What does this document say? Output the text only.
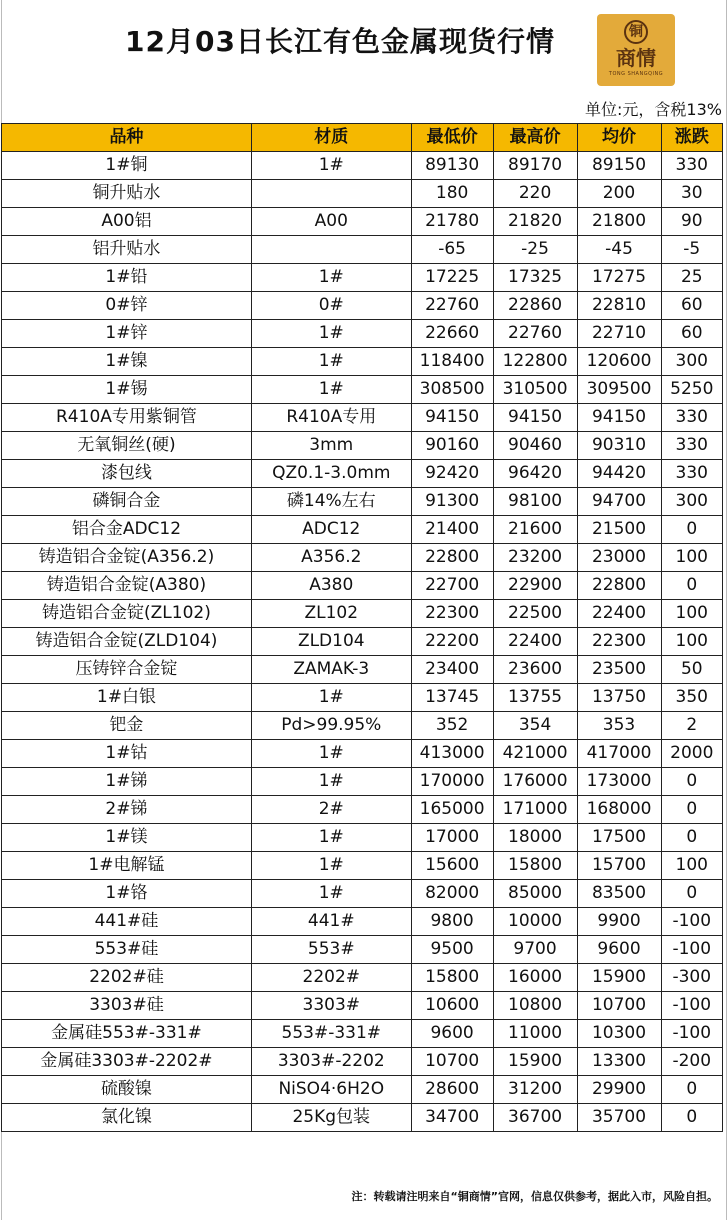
12月03日长江有色金属现货行情	铜
商情
TONG SHANGQING
单位:元，含税13%
品种	材质	最低价	最高价	均价	涨跌
1#铜	1#	89130	89170	89150	330
铜升贴水		180	220	200	30
A00铝	A00	21780	21820	21800	90
铝升贴水		-65	-25	-45	-5
1#铅	1#	17225	17325	17275	25
0#锌	0#	22760	22860	22810	60
1#锌	1#	22660	22760	22710	60
1#镍	1#	118400	122800	120600	300
1#锡	1#	308500	310500	309500	5250
R410A专用紫铜管	R410A专用	94150	94150	94150	330
无氧铜丝(硬)	3mm	90160	90460	90310	330
漆包线	QZ0.1-3.0mm	92420	96420	94420	330
磷铜合金	磷14%左右	91300	98100	94700	300
铝合金ADC12	ADC12	21400	21600	21500	0
铸造铝合金锭(A356.2)	A356.2	22800	23200	23000	100
铸造铝合金锭(A380)	A380	22700	22900	22800	0
铸造铝合金锭(ZL102)	ZL102	22300	22500	22400	100
铸造铝合金锭(ZLD104)	ZLD104	22200	22400	22300	100
压铸锌合金锭	ZAMAK-3	23400	23600	23500	50
1#白银	1#	13745	13755	13750	350
钯金	Pd>99.95%	352	354	353	2
1#钴	1#	413000	421000	417000	2000
1#锑	1#	170000	176000	173000	0
2#锑	2#	165000	171000	168000	0
1#镁	1#	17000	18000	17500	0
1#电解锰	1#	15600	15800	15700	100
1#铬	1#	82000	85000	83500	0
441#硅	441#	9800	10000	9900	-100
553#硅	553#	9500	9700	9600	-100
2202#硅	2202#	15800	16000	15900	-300
3303#硅	3303#	10600	10800	10700	-100
金属硅553#-331#	553#-331#	9600	11000	10300	-100
金属硅3303#-2202#	3303#-2202	10700	15900	13300	-200
硫酸镍	NiSO4·6H2O	28600	31200	29900	0
氯化镍	25Kg包装	34700	36700	35700	0
注：转载请注明来自“铜商情”官网，信息仅供参考，据此入市，风险自担。
